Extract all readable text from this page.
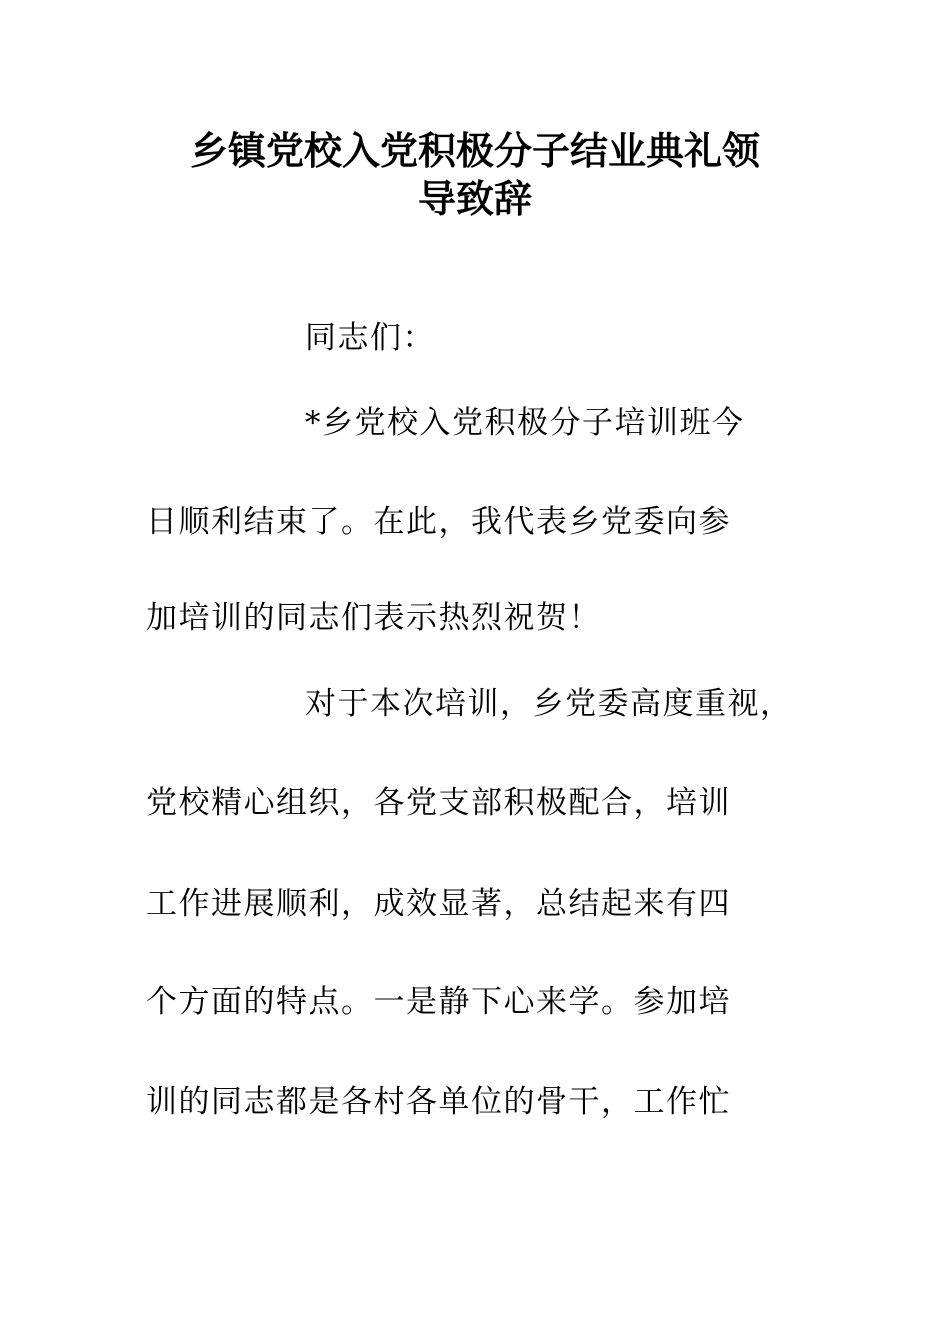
乡镇党校入党积极分子结业典礼领
导致辞
同志们：
*乡党校入党积极分子培训班今
日顺利结束了。在此，我代表乡党委向参
加培训的同志们表示热烈祝贺！
对于本次培训，乡党委高度重视，
党校精心组织，各党支部积极配合，培训
工作进展顺利，成效显著，总结起来有四
个方面的特点。一是静下心来学。参加培
训的同志都是各村各单位的骨干，工作忙
